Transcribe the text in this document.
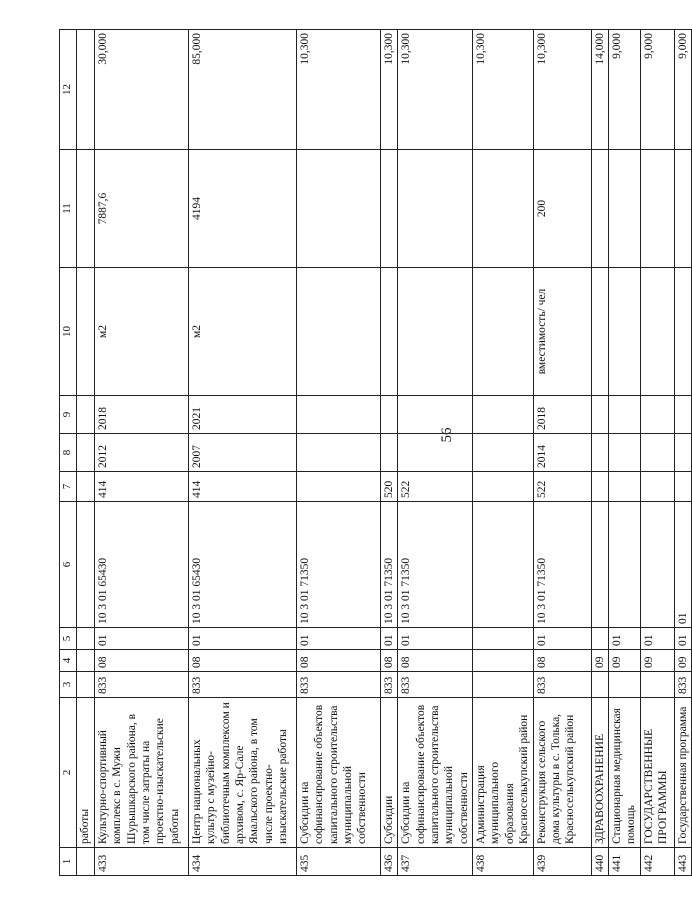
56
1	2	3	4	5	6	7	8	9	10	11	12
	работы										
433	Культурно-спортивный комплекс в с. Мужи Шурышкарского района, в том числе затраты на проектно-изыскательские работы	833	08	01	10 3 01 65430	414	2012	2018	м2	7887,6	30,000
434	Центр национальных культур с музейно-библиотечным комплексом и архивом, с. Яр-Сале Ямальского района, в том числе проектно-изыскательские работы	833	08	01	10 3 01 65430	414	2007	2021	м2	4194	85,000
435	Субсидии на софинансирование объектов капитального строительства муниципальной собственности	833	08	01	10 3 01 71350						10,300
436	Субсидии	833	08	01	10 3 01 71350	520					10,300
437	Субсидии на софинансирование объектов капитального строительства муниципальной собственности	833	08	01	10 3 01 71350	522					10,300
438	Администрация муниципального образования Красноселькупский район										10,300
439	Реконструкция сельского дома культуры в с. Толька, Красноселькупский район	833	08	01	10 3 01 71350	522	2014	2018	вместимость/ чел	200	10,300
440	ЗДРАВООХРАНЕНИЕ		09								14,000
441	Стационарная медицинская помощь		09	01							9,000
442	ГОСУДАРСТВЕННЫЕ ПРОГРАММЫ		09	01							9,000
443	Государственная программа	833	09	01	01						9,000
